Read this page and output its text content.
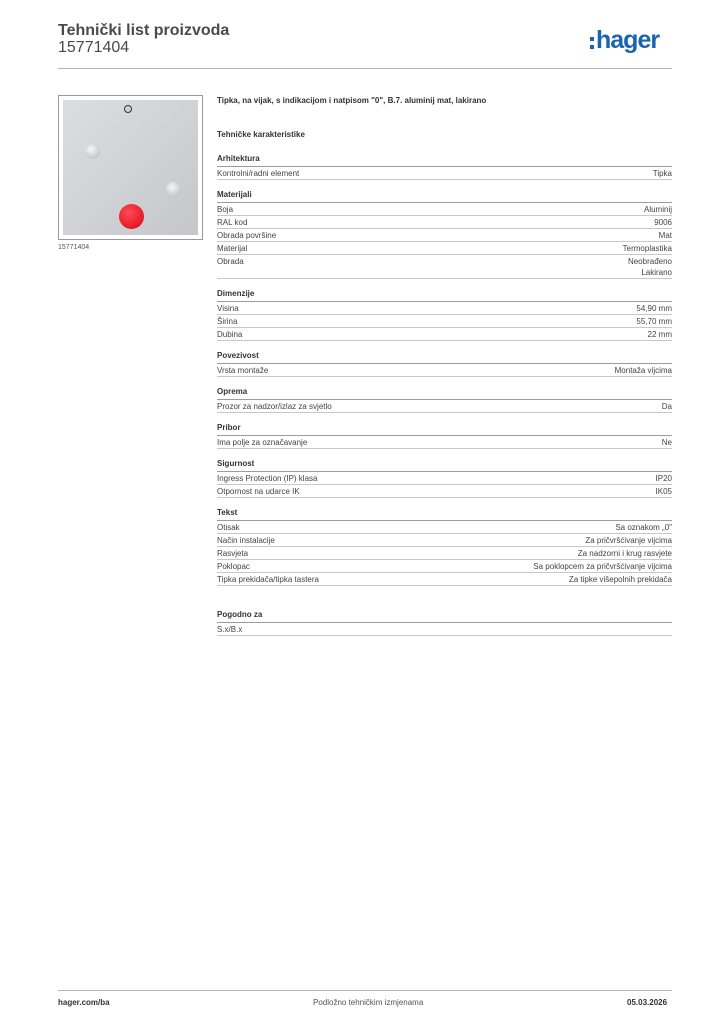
Tehnički list proizvoda
15771404	hager
15771404
Tipka, na vijak, s indikacijom i natpisom "0", B.7. aluminij mat, lakirano
Tehničke karakteristike
Arhitektura
Kontrolni/radni element	Tipka
Materijali
Boja	Aluminij
RAL kod	9006
Obrada površine	Mat
Materijal	Termoplastika
Obrada	Neobrađeno
Lakirano
Dimenzije
Visina	54,90 mm
Širina	55,70 mm
Dubina	22 mm
Povezivost
Vrsta montaže	Montaža vijcima
Oprema
Prozor za nadzor/izlaz za svjetlo	Da
Pribor
Ima polje za označavanje	Ne
Sigurnost
Ingress Protection (IP) klasa	IP20
Otpornost na udarce IK	IK05
Tekst
Otisak	Sa oznakom „0"
Način instalacije	Za pričvršćivanje vijcima
Rasvjeta	Za nadzorni i krug rasvjete
Poklopac	Sa poklopcem za pričvršćivanje vijcima
Tipka prekidača/tipka tastera	Za tipke višepolnih prekidača
Pogodno za
S.x/B.x
hager.com/ba	Podložno tehničkim izmjenama	05.03.2026
